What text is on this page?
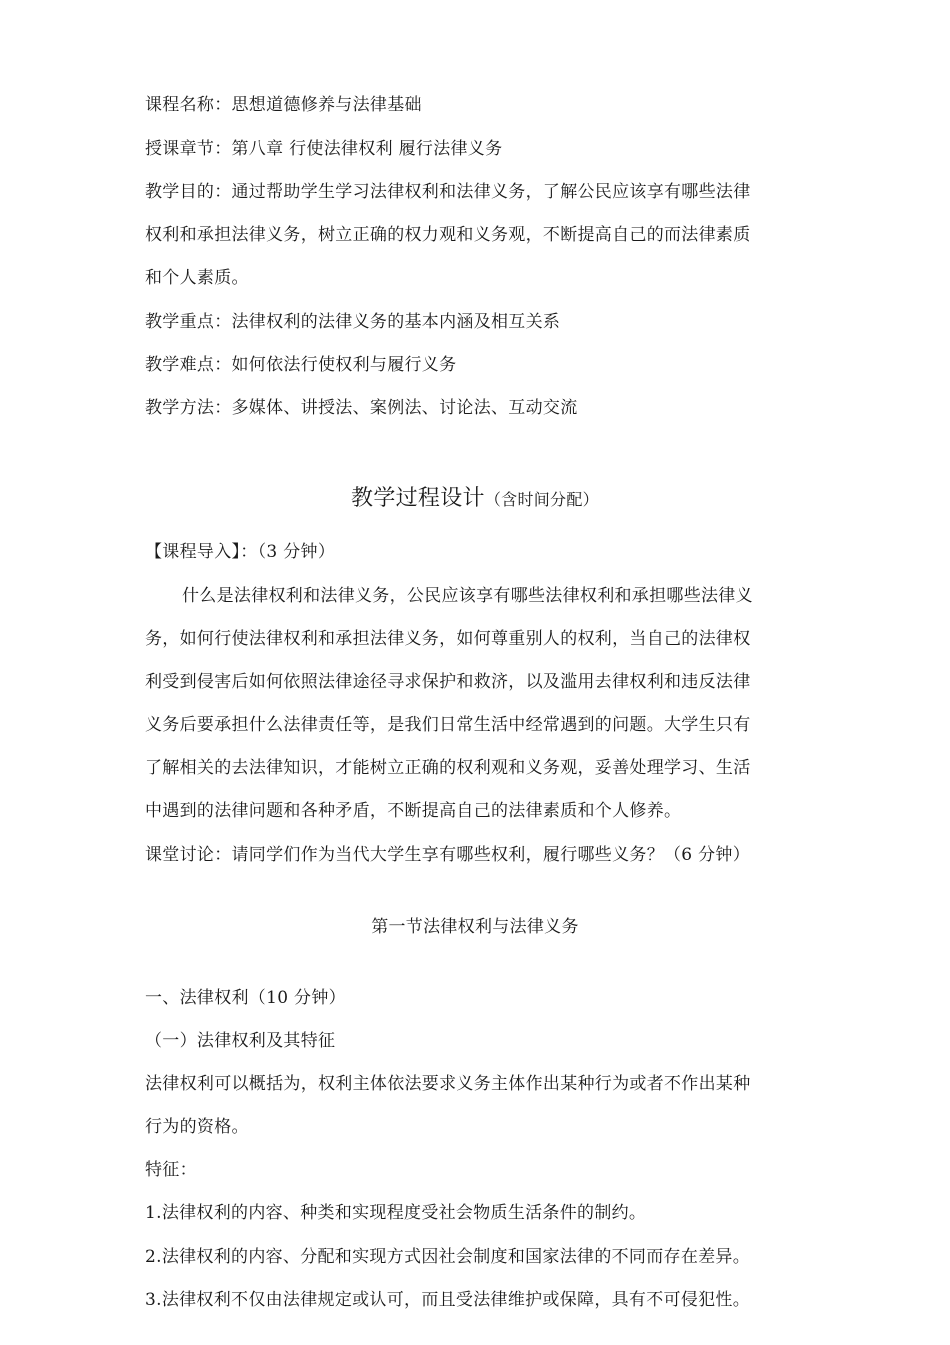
课程名称：思想道德修养与法律基础
授课章节：第八章 行使法律权利 履行法律义务
教学目的：通过帮助学生学习法律权利和法律义务，了解公民应该享有哪些法律
权利和承担法律义务，树立正确的权力观和义务观，不断提高自己的而法律素质
和个人素质。
教学重点：法律权利的法律义务的基本内涵及相互关系
教学难点：如何依法行使权利与履行义务
教学方法：多媒体、讲授法、案例法、讨论法、互动交流
教学过程设计（含时间分配）
【课程导入】：（3 分钟）
什么是法律权利和法律义务，公民应该享有哪些法律权利和承担哪些法律义
务，如何行使法律权利和承担法律义务，如何尊重别人的权利，当自己的法律权
利受到侵害后如何依照法律途径寻求保护和救济，以及滥用去律权利和违反法律
义务后要承担什么法律责任等，是我们日常生活中经常遇到的问题。大学生只有
了解相关的去法律知识，才能树立正确的权利观和义务观，妥善处理学习、生活
中遇到的法律问题和各种矛盾，不断提高自己的法律素质和个人修养。
课堂讨论：请同学们作为当代大学生享有哪些权利，履行哪些义务？（6 分钟）
第一节法律权利与法律义务
一、法律权利（10 分钟）
（一）法律权利及其特征
法律权利可以概括为，权利主体依法要求义务主体作出某种行为或者不作出某种
行为的资格。
特征：
1.法律权利的内容、种类和实现程度受社会物质生活条件的制约。
2.法律权利的内容、分配和实现方式因社会制度和国家法律的不同而存在差异。
3.法律权利不仅由法律规定或认可，而且受法律维护或保障，具有不可侵犯性。
